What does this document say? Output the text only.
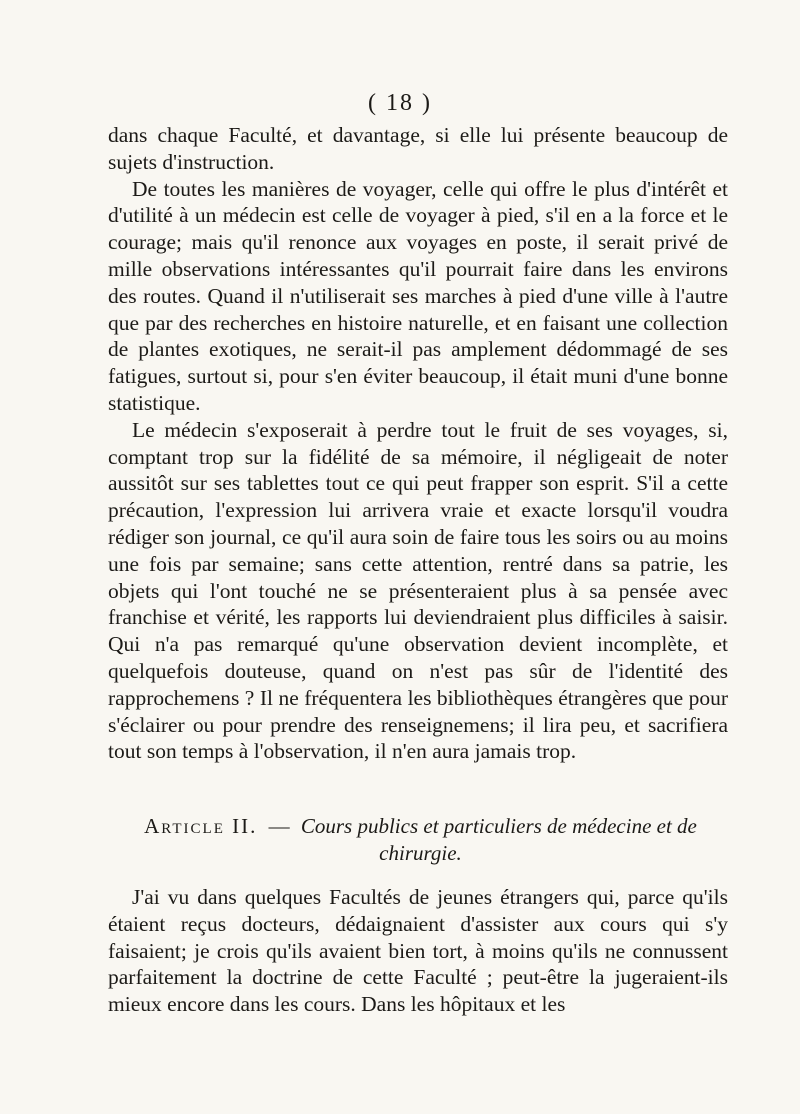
( 18 )

dans chaque Faculté, et davantage, si elle lui présente beaucoup de sujets d'instruction.

De toutes les manières de voyager, celle qui offre le plus d'intérêt et d'utilité à un médecin est celle de voyager à pied, s'il en a la force et le courage; mais qu'il renonce aux voyages en poste, il serait privé de mille observations intéressantes qu'il pourrait faire dans les environs des routes. Quand il n'utiliserait ses marches à pied d'une ville à l'autre que par des recherches en histoire naturelle, et en faisant une collection de plantes exotiques, ne serait-il pas amplement dédommagé de ses fatigues, surtout si, pour s'en éviter beaucoup, il était muni d'une bonne statistique.

Le médecin s'exposerait à perdre tout le fruit de ses voyages, si, comptant trop sur la fidélité de sa mémoire, il négligeait de noter aussitôt sur ses tablettes tout ce qui peut frapper son esprit. S'il a cette précaution, l'expression lui arrivera vraie et exacte lorsqu'il voudra rédiger son journal, ce qu'il aura soin de faire tous les soirs ou au moins une fois par semaine; sans cette attention, rentré dans sa patrie, les objets qui l'ont touché ne se présenteraient plus à sa pensée avec franchise et vérité, les rapports lui deviendraient plus difficiles à saisir. Qui n'a pas remarqué qu'une observation devient incomplète, et quelquefois douteuse, quand on n'est pas sûr de l'identité des rapprochemens ? Il ne fréquentera les bibliothèques étrangères que pour s'éclairer ou pour prendre des renseignemens; il lira peu, et sacrifiera tout son temps à l'observation, il n'en aura jamais trop.

Article II. — Cours publics et particuliers de médecine et de chirurgie.

J'ai vu dans quelques Facultés de jeunes étrangers qui, parce qu'ils étaient reçus docteurs, dédaignaient d'assister aux cours qui s'y faisaient; je crois qu'ils avaient bien tort, à moins qu'ils ne connussent parfaitement la doctrine de cette Faculté ; peut-être la jugeraient-ils mieux encore dans les cours. Dans les hôpitaux et les
